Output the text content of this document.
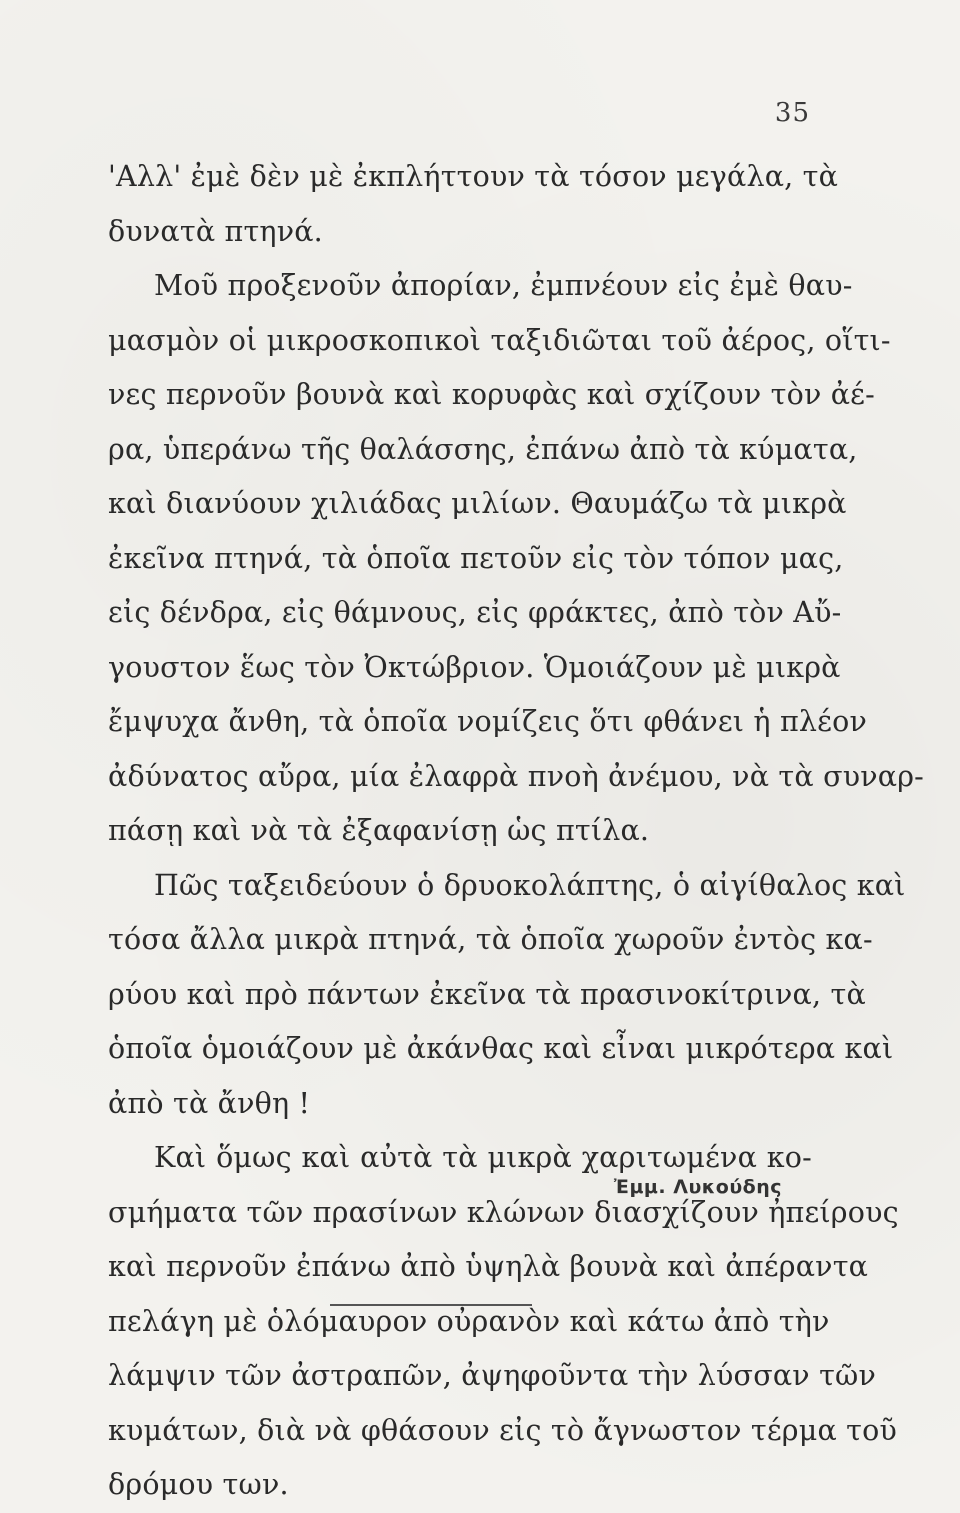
35
'Αλλ' ἐμὲ δὲν μὲ ἐκπλήττουν τὰ τόσον μεγάλα, τὰ
δυνατὰ πτηνά.
Μοῦ προξενοῦν ἀπορίαν, ἐμπνέουν εἰς ἐμὲ θαυ-
μασμὸν οἱ μικροσκοπικοὶ ταξιδιῶται τοῦ ἀέρος, οἵτι-
νες περνοῦν βουνὰ καὶ κορυφὰς καὶ σχίζουν τὸν ἀέ-
ρα, ὑπεράνω τῆς θαλάσσης, ἐπάνω ἀπὸ τὰ κύματα,
καὶ διανύουν χιλιάδας μιλίων. Θαυμάζω τὰ μικρὰ
ἐκεῖνα πτηνά, τὰ ὁποῖα πετοῦν εἰς τὸν τόπον μας,
εἰς δένδρα, εἰς θάμνους, εἰς φράκτες, ἀπὸ τὸν Αὔ-
γουστον ἕως τὸν Ὀκτώβριον. Ὁμοιάζουν μὲ μικρὰ
ἔμψυχα ἄνθη, τὰ ὁποῖα νομίζεις ὅτι φθάνει ἡ πλέον
ἀδύνατος αὔρα, μία ἐλαφρὰ πνοὴ ἀνέμου, νὰ τὰ συναρ-
πάσῃ καὶ νὰ τὰ ἐξαφανίσῃ ὡς πτίλα.
Πῶς ταξειδεύουν ὁ δρυοκολάπτης, ὁ αἰγίθαλος καὶ
τόσα ἄλλα μικρὰ πτηνά, τὰ ὁποῖα χωροῦν ἐντὸς κα-
ρύου καὶ πρὸ πάντων ἐκεῖνα τὰ πρασινοκίτρινα, τὰ
ὁποῖα ὁμοιάζουν μὲ ἀκάνθας καὶ εἶναι μικρότερα καὶ
ἀπὸ τὰ ἄνθη !
Καὶ ὅμως καὶ αὐτὰ τὰ μικρὰ χαριτωμένα κο-
σμήματα τῶν πρασίνων κλώνων διασχίζουν ἠπείρους
καὶ περνοῦν ἐπάνω ἀπὸ ὑψηλὰ βουνὰ καὶ ἀπέραντα
πελάγη μὲ ὁλόμαυρον οὐρανὸν καὶ κάτω ἀπὸ τὴν
λάμψιν τῶν ἀστραπῶν, ἀψηφοῦντα τὴν λύσσαν τῶν
κυμάτων, διὰ νὰ φθάσουν εἰς τὸ ἄγνωστον τέρμα τοῦ
δρόμου των.
Ἐμμ. Λυκούδης
